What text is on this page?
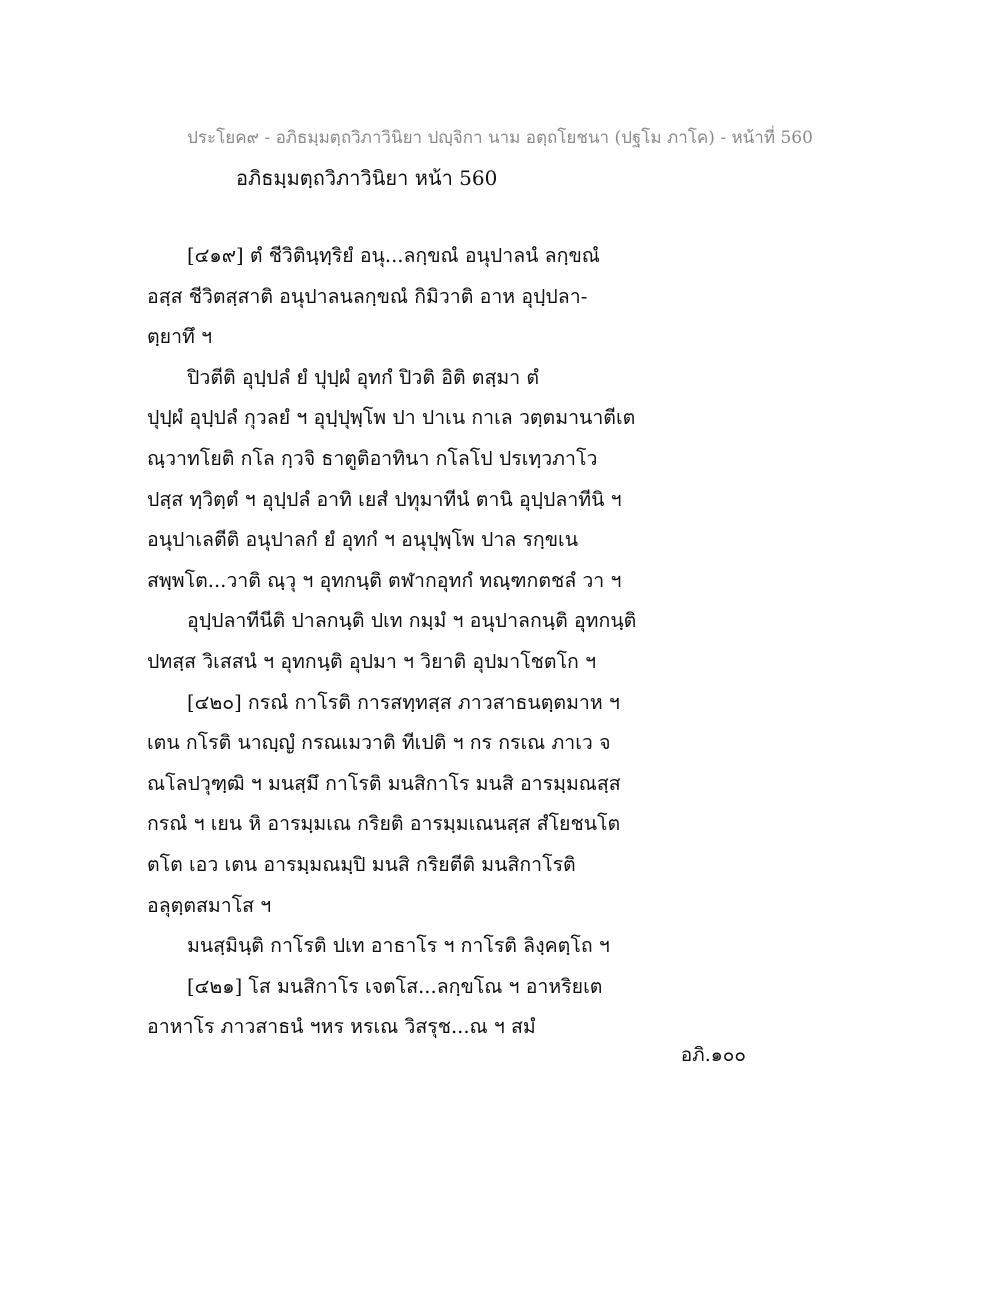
ประโยค๙ - อภิธมฺมตฺถวิภาวินิยา ปญฺจิกา นาม อตฺถโยชนา (ปฐโม ภาโค) - หน้าที่ 560
อภิธมฺมตฺถวิภาวินิยา หน้า 560
[๔๑๙] ตํ ชีวิตินฺทฺริยํ อนุ...ลกฺขณํ อนุปาลนํ ลกฺขณํ
อสฺส ชีวิตสฺสาติ อนุปาลนลกฺขณํ กิมิวาติ อาห อุปฺปลา-
ตฺยาทึ ฯ
ปิวตีติ อุปฺปลํ ยํ ปุปฺผํ อุทกํ ปิวติ อิติ ตสฺมา ตํ
ปุปฺผํ อุปฺปลํ กุวลยํ ฯ อุปฺปุพฺโพ ปา ปาเน กาเล วตฺตมานาตีเต
ณฺวาทโยติ กโล กฺวจิ ธาตูติอาทินา กโลโป ปรเทฺวภาโว
ปสฺส ทฺวิตฺตํ ฯ อุปฺปลํ อาทิ เยสํ ปทุมาทีนํ ตานิ อุปฺปลาทีนิ ฯ
อนุปาเลตีติ อนุปาลกํ ยํ อุทกํ ฯ อนุปุพฺโพ ปาล รกฺขเน
สพฺพโต...วาติ ณฺวุ ฯ อุทกนฺติ ตฬากอุทกํ ทณฺฑกตชลํ วา ฯ
อุปฺปลาทีนีติ ปาลกนฺติ ปเท กมฺมํ ฯ อนุปาลกนฺติ อุทกนฺติ
ปทสฺส วิเสสนํ ฯ อุทกนฺติ อุปมา ฯ วิยาติ อุปมาโชตโก ฯ
[๔๒๐] กรณํ กาโรติ การสทฺทสฺส ภาวสาธนตฺตมาห ฯ
เตน กโรติ นาญฺญํ กรณเมวาติ ทีเปติ ฯ กร กรเณ ภาเว จ
ณโลปวุฑฺฒิ ฯ มนสฺมึ กาโรติ มนสิกาโร มนสิ อารมฺมณสฺส
กรณํ ฯ เยน หิ อารมฺมเณ กริยติ อารมฺมเณนสฺส สํโยชนโต
ตโต เอว เตน อารมฺมณมฺปิ มนสิ กริยตีติ มนสิกาโรติ
อลุตฺตสมาโส ฯ
มนสฺมินฺติ กาโรติ ปเท อาธาโร ฯ กาโรติ ลิงฺคตฺโถ ฯ
[๔๒๑] โส มนสิกาโร เจตโส...ลกฺขโณ ฯ อาหริยเต
อาหาโร ภาวสาธนํ ฯหร หรเณ วิสรุช...ณ ฯ สมํ
อภิ.๑๐๐
